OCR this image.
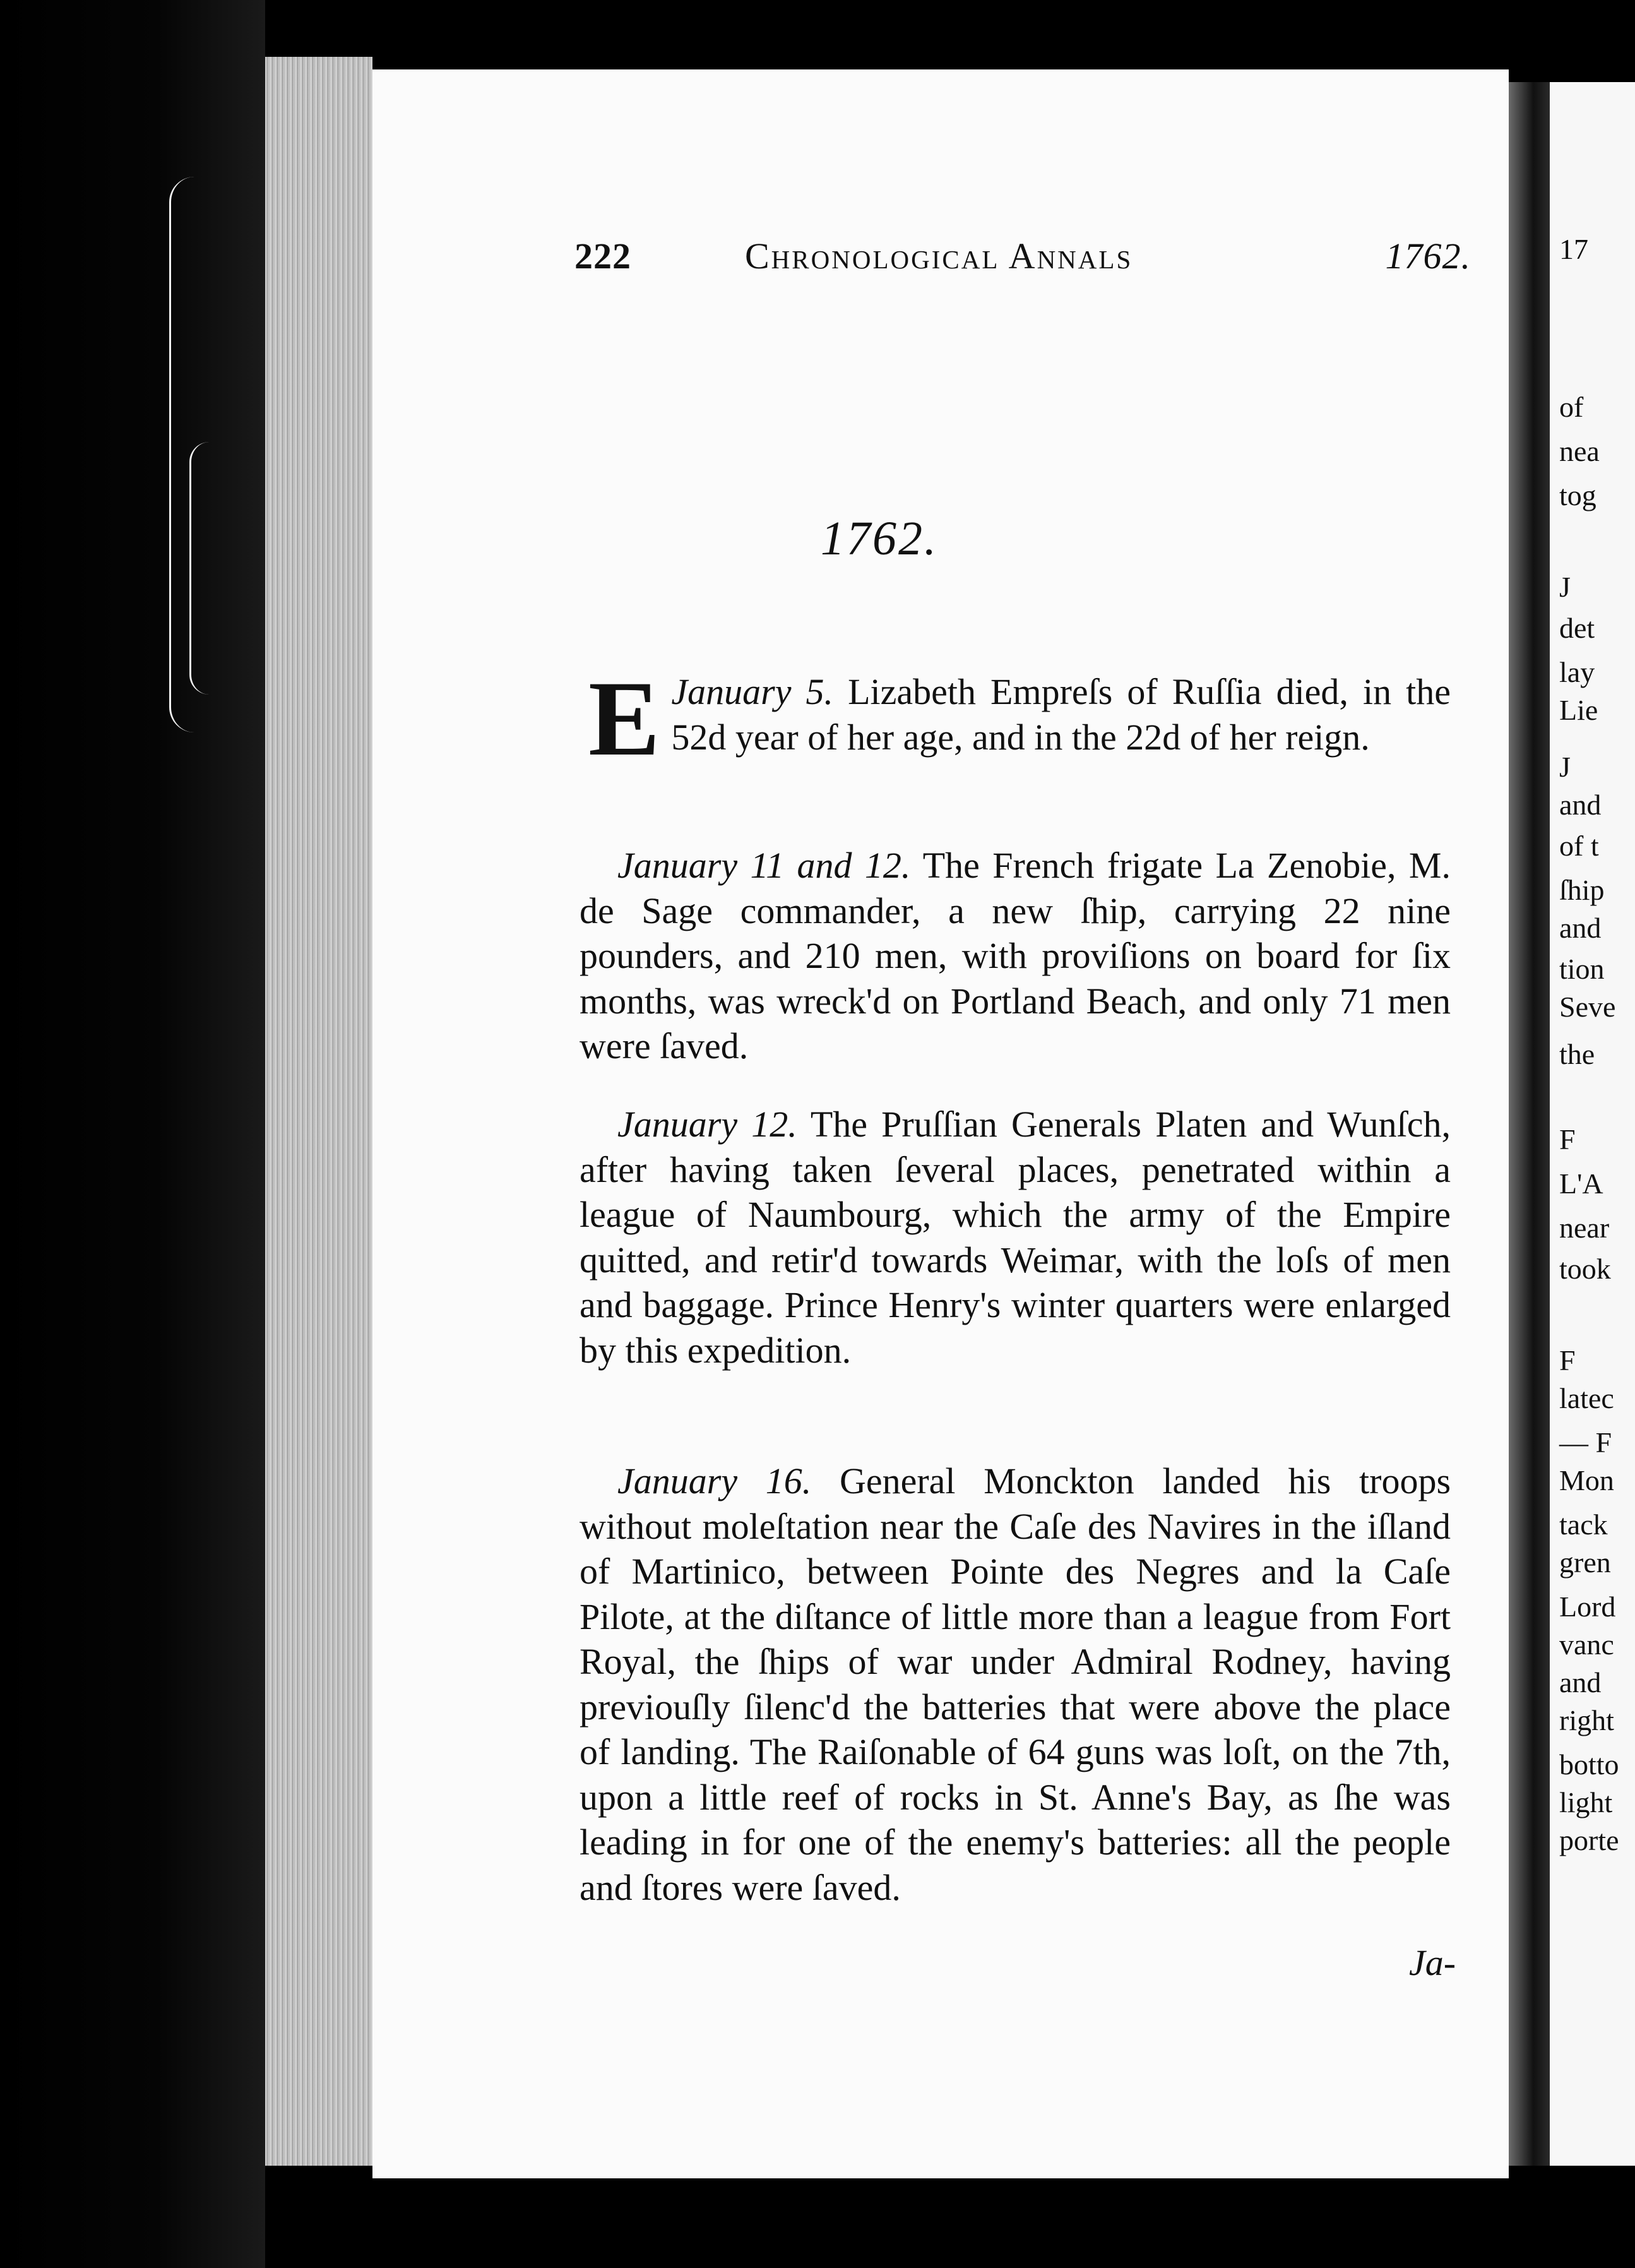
222	Chronological Annals	1762.
1762.
January 5.
E	Lizabeth Empreſs of Ruſſia died, in the 52d year of her age, and in the 22d of her reign.
January 11 and 12. The French frigate La Zenobie, M. de Sage commander, a new ſhip, carrying 22 nine pounders, and 210 men, with proviſions on board for ſix months, was wreck'd on Portland Beach, and only 71 men were ſaved.
January 12. The Pruſſian Generals Platen and Wunſch, after having taken ſeveral places, penetrated within a league of Naumbourg, which the army of the Empire quitted, and retir'd towards Weimar, with the loſs of men and baggage. Prince Henry's winter quarters were enlarged by this expedition.
January 16. General Monckton landed his troops without moleſtation near the Caſe des Navires in the iſland of Martinico, between Pointe des Negres and la Caſe Pilote, at the diſtance of little more than a league from Fort Royal, the ſhips of war under Admiral Rodney, having previouſly ſilenc'd the batteries that were above the place of landing. The Raiſonable of 64 guns was loſt, on the 7th, upon a little reef of rocks in St. Anne's Bay, as ſhe was leading in for one of the enemy's batteries: all the people and ſtores were ſaved.
Ja-
17
of
nea
tog
J
det
lay
Lie
J
and
of t
ſhip
and
tion
Seve
the
F
L'A
near
took
F
latec
— F
Mon
tack
gren
Lord
vanc
and
right
botto
light
porte
